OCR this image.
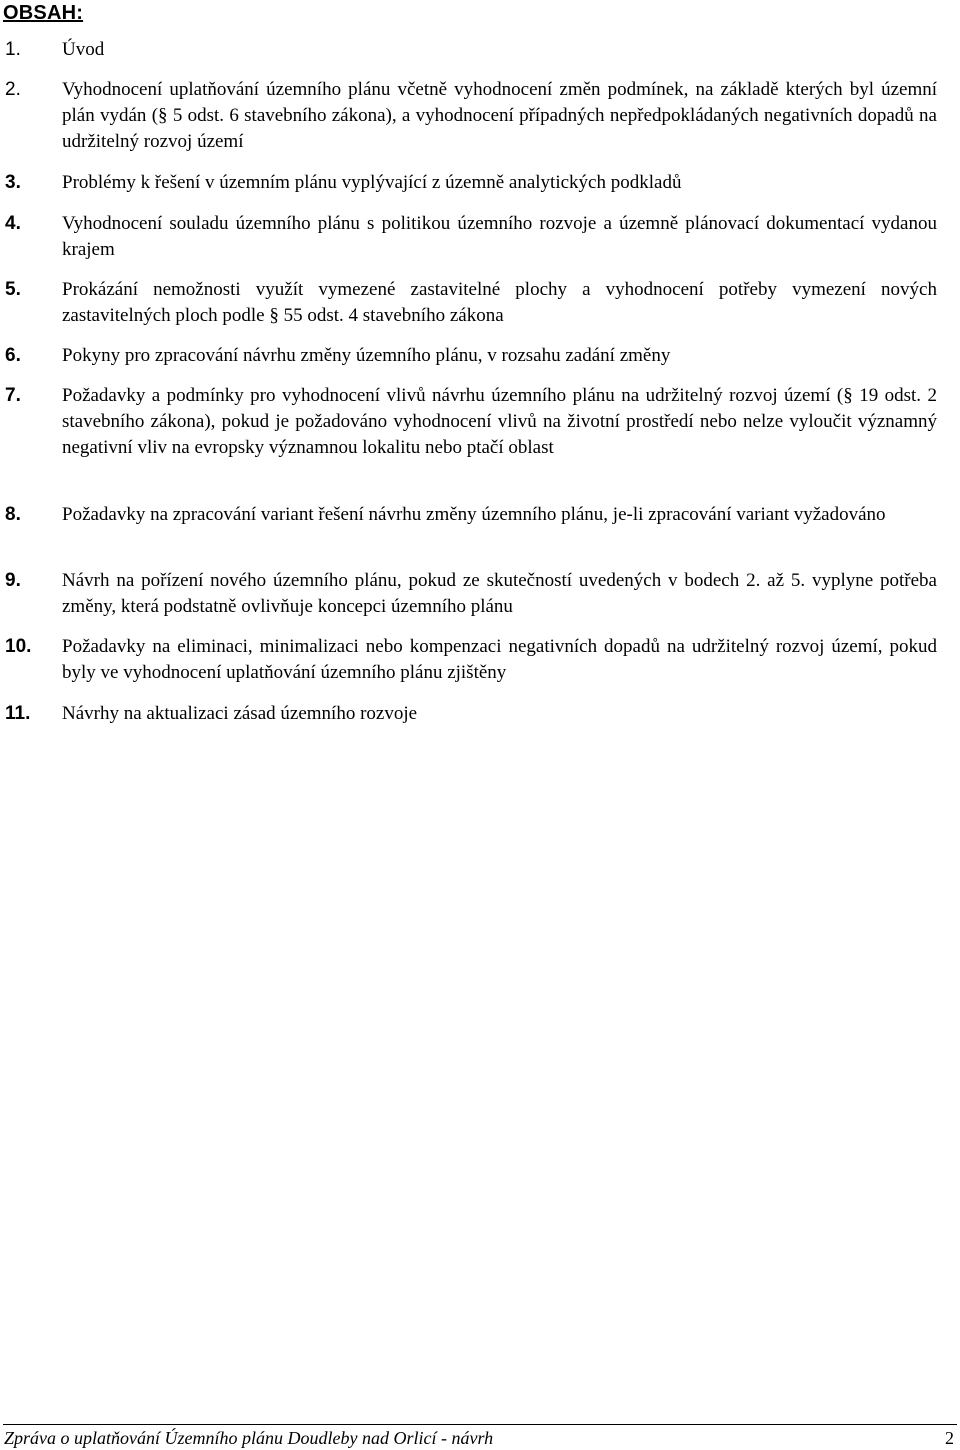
OBSAH:
1. Úvod
2. Vyhodnocení uplatňování územního plánu včetně vyhodnocení změn podmínek, na základě kterých byl územní plán vydán (§ 5 odst. 6 stavebního zákona), a vyhodnocení případných nepředpokládaných negativních dopadů na udržitelný rozvoj území
3. Problémy k řešení v územním plánu vyplývající z územně analytických podkladů
4. Vyhodnocení souladu územního plánu s politikou územního rozvoje a územně plánovací dokumentací vydanou krajem
5. Prokázání nemožnosti využít vymezené zastavitelné plochy a vyhodnocení potřeby vymezení nových zastavitelných ploch podle § 55 odst. 4 stavebního zákona
6. Pokyny pro zpracování návrhu změny územního plánu, v rozsahu zadání změny
7. Požadavky a podmínky pro vyhodnocení vlivů návrhu územního plánu na udržitelný rozvoj území (§ 19 odst. 2 stavebního zákona), pokud je požadováno vyhodnocení vlivů na životní prostředí nebo nelze vyloučit významný negativní vliv na evropsky významnou lokalitu nebo ptačí oblast
8. Požadavky na zpracování variant řešení návrhu změny územního plánu, je-li zpracování variant vyžadováno
9. Návrh na pořízení nového územního plánu, pokud ze skutečností uvedených v bodech 2. až 5. vyplyne potřeba změny, která podstatně ovlivňuje koncepci územního plánu
10. Požadavky na eliminaci, minimalizaci nebo kompenzaci negativních dopadů na udržitelný rozvoj území, pokud byly ve vyhodnocení uplatňování územního plánu zjištěny
11. Návrhy na aktualizaci zásad územního rozvoje
Zpráva o uplatňování Územního plánu Doudleby nad Orlicí - návrh	2
